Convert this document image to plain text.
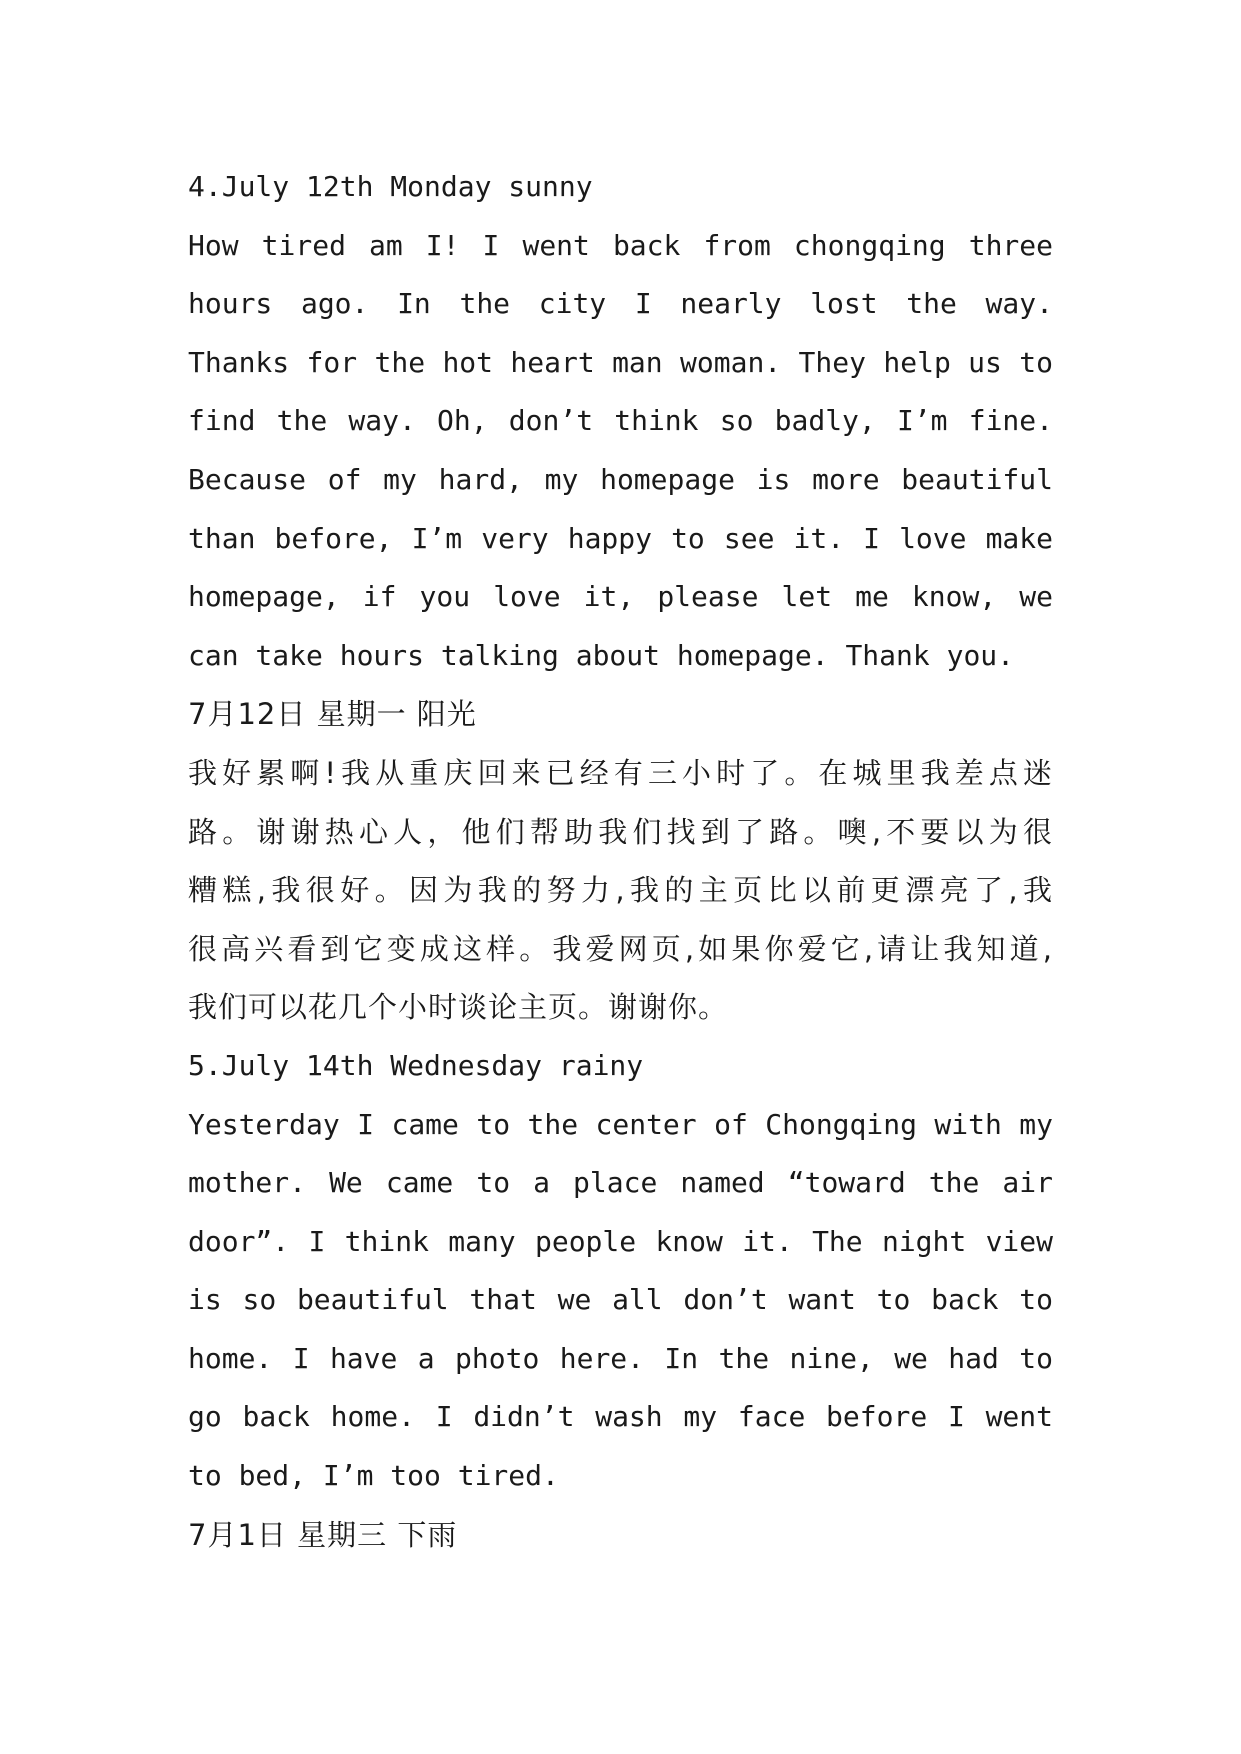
4.July 12th Monday sunny
How tired am I! I went back from chongqing three
hours ago. In the city I nearly lost the way.
Thanks for the hot heart man woman. They help us to
find the way. Oh, don’t think so badly, I’m fine.
Because of my hard, my homepage is more beautiful
than before, I’m very happy to see it. I love make
homepage, if you love it, please let me know, we
can take hours talking about homepage. Thank you.
7月12日 星期一 阳光
我好累啊!我从重庆回来已经有三小时了。在城里我差点迷
路。谢谢热心人，他们帮助我们找到了路。噢,不要以为很
糟糕,我很好。因为我的努力,我的主页比以前更漂亮了,我
很高兴看到它变成这样。我爱网页,如果你爱它,请让我知道,
我们可以花几个小时谈论主页。谢谢你。
5.July 14th Wednesday rainy
Yesterday I came to the center of Chongqing with my
mother. We came to a place named “toward the air
door”. I think many people know it. The night view
is so beautiful that we all don’t want to back to
home. I have a photo here. In the nine, we had to
go back home. I didn’t wash my face before I went
to bed, I’m too tired.
7月1日 星期三 下雨
